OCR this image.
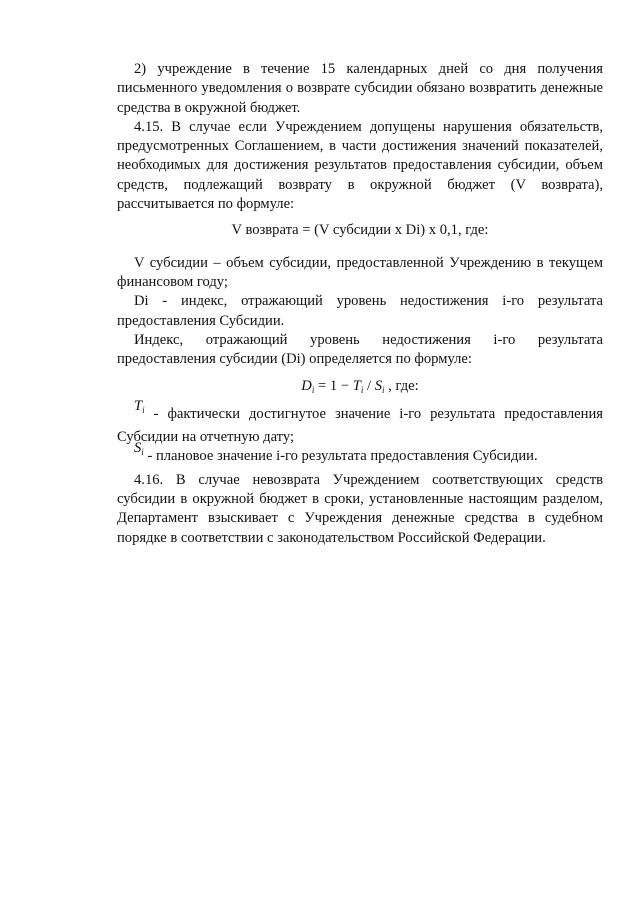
2) учреждение в течение 15 календарных дней со дня получения письменного уведомления о возврате субсидии обязано возвратить денежные средства в окружной бюджет.

4.15. В случае если Учреждением допущены нарушения обязательств, предусмотренных Соглашением, в части достижения значений показателей, необходимых для достижения результатов предоставления субсидии, объем средств, подлежащий возврату в окружной бюджет (V возврата), рассчитывается по формуле:

V возврата = (V субсидии x Di) x 0,1, где:

V субсидии – объем субсидии, предоставленной Учреждению в текущем финансовом году;

Di - индекс, отражающий уровень недостижения i-го результата предоставления Субсидии.

Индекс, отражающий уровень недостижения i-го результата предоставления субсидии (Di) определяется по формуле:

$D_i = 1 - T_i / S_i$ , где:

$T_i$ - фактически достигнутое значение i-го результата предоставления Субсидии на отчетную дату;

$S_i$ - плановое значение i-го результата предоставления Субсидии.

4.16. В случае невозврата Учреждением соответствующих средств субсидии в окружной бюджет в сроки, установленные настоящим разделом, Департамент взыскивает с Учреждения денежные средства в судебном порядке в соответствии с законодательством Российской Федерации.
